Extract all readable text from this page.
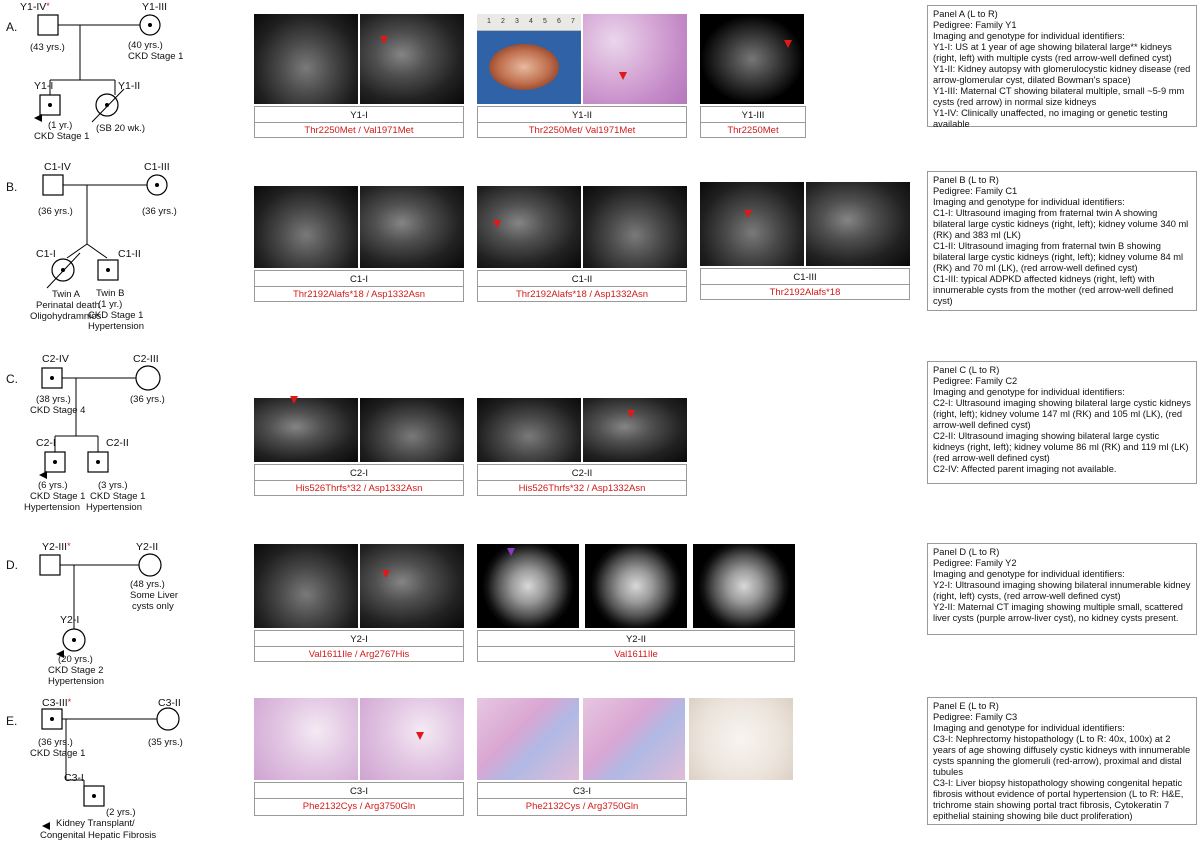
A.
Y1-IV*
(43 yrs.)
Y1-III
(40 yrs.)
CKD Stage 1
Y1-I	Y1-II
(1 yr.)
CKD Stage 1
(SB 20 wk.)
Y1-I
Thr2250Met / Val1971Met
1 2 3 4 5 6 7
Y1-II
Thr2250Met/ Val1971Met
Y1-III
Thr2250Met
Panel A (L to R)
Pedigree: Family Y1
Imaging and genotype for individual identifiers:
Y1-I: US at 1 year of age showing bilateral large** kidneys (right, left) with multiple cysts (red arrow-well defined cyst)
Y1-II: Kidney autopsy with glomerulocystic kidney disease (red arrow-glomerular cyst, dilated Bowman's space)
Y1-III: Maternal CT showing bilateral multiple, small ~5-9 mm cysts (red arrow) in normal size kidneys
Y1-IV: Clinically unaffected, no imaging or genetic testing available
B.
C1-IV
(36 yrs.)
C1-III
(36 yrs.)
C1-I	C1-II
Twin A
Perinatal death
Oligohydramnios
Twin B
(1 yr.)
CKD Stage 1
Hypertension
C1-I
Thr2192Alafs*18 / Asp1332Asn
C1-II
Thr2192Alafs*18 / Asp1332Asn
C1-III
Thr2192Alafs*18
Panel B (L to R)
Pedigree: Family C1
Imaging and genotype for individual identifiers:
C1-I: Ultrasound imaging from fraternal twin A showing bilateral large cystic kidneys (right, left); kidney volume 340 ml (RK) and 383 ml (LK)
C1-II: Ultrasound imaging from fraternal twin B showing bilateral large cystic kidneys (right, left); kidney volume 84 ml (RK) and 70 ml (LK), (red arrow-well defined cyst)
C1-III: typical ADPKD affected kidneys (right, left) with innumerable cysts from the mother (red arrow-well defined cyst)
C.
C2-IV
(38 yrs.)
CKD Stage 4
C2-III
(36 yrs.)
C2-I	C2-II
(6 yrs.)
CKD Stage 1
Hypertension
(3 yrs.)
CKD Stage 1
Hypertension
C2-I
His526Thrfs*32 / Asp1332Asn
C2-II
His526Thrfs*32 / Asp1332Asn
Panel C (L to R)
Pedigree: Family C2
Imaging and genotype for individual identifiers:
C2-I: Ultrasound imaging showing bilateral large cystic kidneys (right, left); kidney volume 147 ml (RK) and 105 ml (LK), (red arrow-well defined cyst)
C2-II: Ultrasound imaging showing bilateral large cystic kidneys (right, left); kidney volume 86 ml (RK) and 119 ml (LK) (red arrow-well defined cyst)
C2-IV: Affected parent imaging not available.
D.
Y2-III*	Y2-II
(48 yrs.)
Some Liver
cysts only
Y2-I
(20 yrs.)
CKD Stage 2
Hypertension
Y2-I
Val1611Ile / Arg2767His
Y2-II
Val1611Ile
Panel D (L to R)
Pedigree: Family Y2
Imaging and genotype for individual identifiers:
Y2-I: Ultrasound imaging showing bilateral innumerable kidney (right, left) cysts, (red arrow-well defined cyst)
Y2-II: Maternal CT imaging showing multiple small, scattered liver cysts (purple arrow-liver cyst), no kidney cysts present.
E.
C3-III*
(36 yrs.)
CKD Stage 1
C3-II
(35 yrs.)
C3-I
(2 yrs.)
Kidney Transplant/
Congenital Hepatic Fibrosis
C3-I
Phe2132Cys / Arg3750Gln
C3-I
Phe2132Cys / Arg3750Gln
Panel E (L to R)
Pedigree: Family C3
Imaging and genotype for individual identifiers:
C3-I: Nephrectomy histopathology (L to R: 40x, 100x) at 2 years of age showing diffusely cystic kidneys with innumerable cysts spanning the glomeruli (red-arrow), proximal and distal tubules
C3-I: Liver biopsy histopathology showing congenital hepatic fibrosis without evidence of portal hypertension (L to R: H&E, trichrome stain showing portal tract fibrosis, Cytokeratin 7 epithelial staining showing bile duct proliferation)
